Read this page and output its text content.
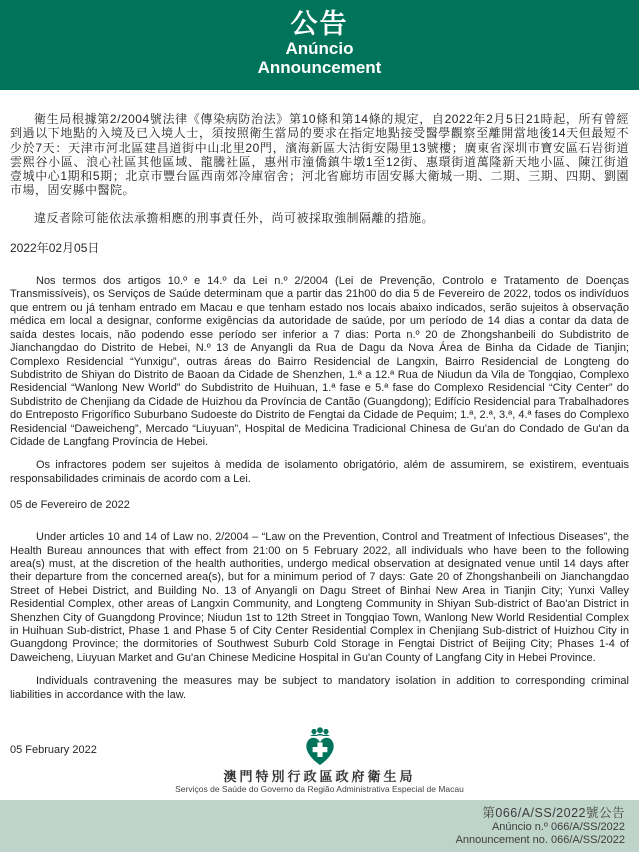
公告
Anúncio
Announcement

衛生局根據第2/2004號法律《傳染病防治法》第10條和第14條的規定，自2022年2月5日21時起，所有曾經到過以下地點的入境及已入境人士，須按照衛生當局的要求在指定地點接受醫學觀察至離開當地後14天但最短不少於7天：天津市河北區建昌道街中山北里20門，濱海新區大沽街安陽里13號樓；廣東省深圳市寶安區石岩街道雲熙谷小區、浪心社區其他區域、龍騰社區，惠州市潼僑鎮牛墩1至12街、惠環街道萬隆新天地小區、陳江街道壹城中心1期和5期；北京市豐台區西南郊冷庫宿舍；河北省廊坊市固安縣大衛城一期、二期、三期、四期、劉園市場，固安縣中醫院。

違反者除可能依法承擔相應的刑事責任外，尚可被採取強制隔離的措施。

2022年02月05日

Nos termos dos artigos 10.º e 14.º da Lei n.º 2/2004 (Lei de Prevenção, Controlo e Tratamento de Doenças Transmissíveis), os Serviços de Saúde determinam que a partir das 21h00 do dia 5 de Fevereiro de 2022, todos os indivíduos que entrem ou já tenham entrado em Macau e que tenham estado nos locais abaixo indicados, serão sujeitos à observação médica em local a designar, conforme exigências da autoridade de saúde, por um período de 14 dias a contar da data de saída destes locais, não podendo esse período ser inferior a 7 dias: Porta n.º 20 de Zhongshanbeili do Subdistrito de Jianchangdao do Distrito de Hebei, N.º 13 de Anyangli da Rua de Dagu da Nova Área de Binha da Cidade de Tianjin; Complexo Residencial “Yunxigu”, outras áreas do Bairro Residencial de Langxin, Bairro Residencial de Longteng do Subdistrito de Shiyan do Distrito de Baoan da Cidade de Shenzhen, 1.ª a 12.ª Rua de Niudun da Vila de Tongqiao, Complexo Residencial “Wanlong New World” do Subdistrito de Huihuan, 1.ª fase e 5.ª fase do Complexo Residencial “City Center” do Subdistrito de Chenjiang da Cidade de Huizhou da Província de Cantão (Guangdong); Edifício Residencial para Trabalhadores do Entreposto Frigorífico Suburbano Sudoeste do Distrito de Fengtai da Cidade de Pequim; 1.ª, 2.ª, 3.ª, 4.ª fases do Complexo Residencial “Daweicheng”, Mercado “Liuyuan”, Hospital de Medicina Tradicional Chinesa de Gu'an do Condado de Gu'an da Cidade de Langfang Província de Hebei.

Os infractores podem ser sujeitos à medida de isolamento obrigatório, além de assumirem, se existirem, eventuais responsabilidades criminais de acordo com a Lei.

05 de Fevereiro de 2022

Under articles 10 and 14 of Law no. 2/2004 – “Law on the Prevention, Control and Treatment of Infectious Diseases”, the Health Bureau announces that with effect from 21:00 on 5 February 2022, all individuals who have been to the following area(s) must, at the discretion of the health authorities, undergo medical observation at designated venue until 14 days after their departure from the concerned area(s), but for a minimum period of 7 days: Gate 20 of Zhongshanbeili on Jianchangdao Street of Hebei District, and Building No. 13 of Anyangli on Dagu Street of Binhai New Area in Tianjin City; Yunxi Valley Residential Complex, other areas of Langxin Community, and Longteng Community in Shiyan Sub-district of Bao'an District in Shenzhen City of Guangdong Province; Niudun 1st to 12th Street in Tongqiao Town, Wanlong New World Residential Complex in Huihuan Sub-district, Phase 1 and Phase 5 of City Center Residential Complex in Chenjiang Sub-district of Huizhou City in Guangdong Province; the dormitories of Southwest Suburb Cold Storage in Fengtai District of Beijing City; Phases 1-4 of Daweicheng, Liuyuan Market and Gu'an Chinese Medicine Hospital in Gu'an County of Langfang City in Hebei Province.

Individuals contravening the measures may be subject to mandatory isolation in addition to corresponding criminal liabilities in accordance with the law.

05 February 2022

澳門特別行政區政府衛生局
Serviços de Saúde do Governo da Região Administrativa Especial de Macau
第066/A/SS/2022號公告
Anúncio n.º 066/A/SS/2022
Announcement no. 066/A/SS/2022
